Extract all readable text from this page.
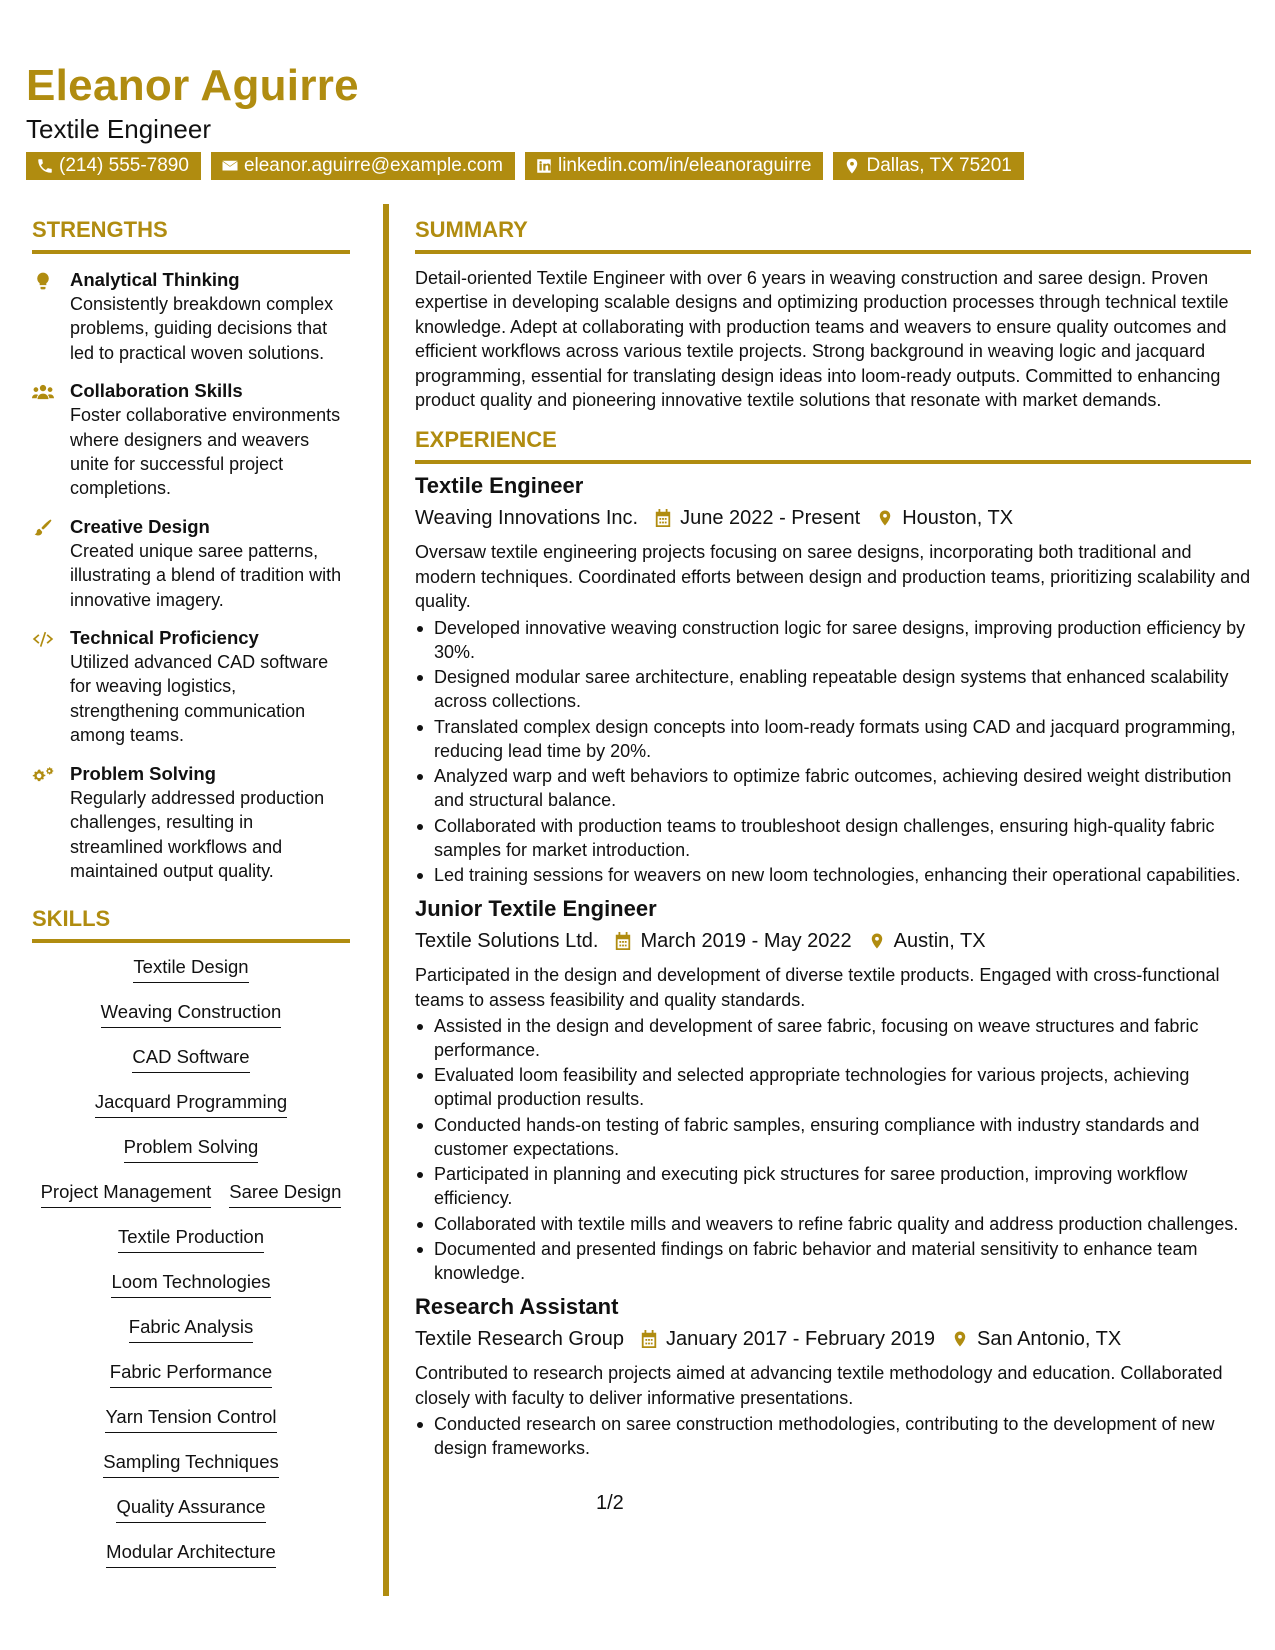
Eleanor Aguirre
Textile Engineer
(214) 555-7890	eleanor.aguirre@example.com	linkedin.com/in/eleanoraguirre	Dallas, TX 75201
STRENGTHS
Analytical Thinking
Consistently breakdown complex problems, guiding decisions that led to practical woven solutions.
Collaboration Skills
Foster collaborative environments where designers and weavers unite for successful project completions.
Creative Design
Created unique saree patterns, illustrating a blend of tradition with innovative imagery.
Technical Proficiency
Utilized advanced CAD software for weaving logistics, strengthening communication among teams.
Problem Solving
Regularly addressed production challenges, resulting in streamlined workflows and maintained output quality.
SKILLS
Textile Design
Weaving Construction
CAD Software
Jacquard Programming
Problem Solving
Project Management Saree Design
Textile Production
Loom Technologies
Fabric Analysis
Fabric Performance
Yarn Tension Control
Sampling Techniques
Quality Assurance
Modular Architecture
SUMMARY
Detail-oriented Textile Engineer with over 6 years in weaving construction and saree design. Proven expertise in developing scalable designs and optimizing production processes through technical textile knowledge. Adept at collaborating with production teams and weavers to ensure quality outcomes and efficient workflows across various textile projects. Strong background in weaving logic and jacquard programming, essential for translating design ideas into loom-ready outputs. Committed to enhancing product quality and pioneering innovative textile solutions that resonate with market demands.
EXPERIENCE
Textile Engineer
Weaving Innovations Inc. June 2022 - Present Houston, TX
Oversaw textile engineering projects focusing on saree designs, incorporating both traditional and modern techniques. Coordinated efforts between design and production teams, prioritizing scalability and quality.
Developed innovative weaving construction logic for saree designs, improving production efficiency by 30%.
Designed modular saree architecture, enabling repeatable design systems that enhanced scalability across collections.
Translated complex design concepts into loom-ready formats using CAD and jacquard programming, reducing lead time by 20%.
Analyzed warp and weft behaviors to optimize fabric outcomes, achieving desired weight distribution and structural balance.
Collaborated with production teams to troubleshoot design challenges, ensuring high-quality fabric samples for market introduction.
Led training sessions for weavers on new loom technologies, enhancing their operational capabilities.
Junior Textile Engineer
Textile Solutions Ltd. March 2019 - May 2022 Austin, TX
Participated in the design and development of diverse textile products. Engaged with cross-functional teams to assess feasibility and quality standards.
Assisted in the design and development of saree fabric, focusing on weave structures and fabric performance.
Evaluated loom feasibility and selected appropriate technologies for various projects, achieving optimal production results.
Conducted hands-on testing of fabric samples, ensuring compliance with industry standards and customer expectations.
Participated in planning and executing pick structures for saree production, improving workflow efficiency.
Collaborated with textile mills and weavers to refine fabric quality and address production challenges.
Documented and presented findings on fabric behavior and material sensitivity to enhance team knowledge.
Research Assistant
Textile Research Group January 2017 - February 2019 San Antonio, TX
Contributed to research projects aimed at advancing textile methodology and education. Collaborated closely with faculty to deliver informative presentations.
Conducted research on saree construction methodologies, contributing to the development of new design frameworks.
1/2
